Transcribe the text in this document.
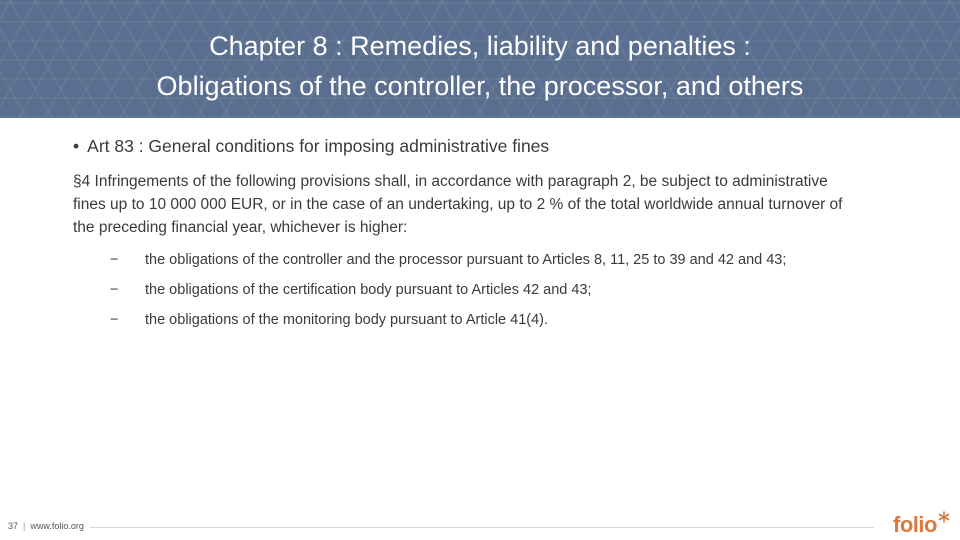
Chapter 8 : Remedies, liability and penalties :
Obligations of the controller, the processor, and others
• Art 83 : General conditions for imposing administrative fines
§4 Infringements of the following provisions shall, in accordance with paragraph 2, be subject to administrative fines up to 10 000 000 EUR, or in the case of an undertaking, up to 2 % of the total worldwide annual turnover of the preceding financial year, whichever is higher:
−	the obligations of the controller and the processor pursuant to Articles 8, 11, 25 to 39 and 42 and 43;
−	the obligations of the certification body pursuant to Articles 42 and 43;
−	the obligations of the monitoring body pursuant to Article 41(4).
37 | www.folio.org	folio
